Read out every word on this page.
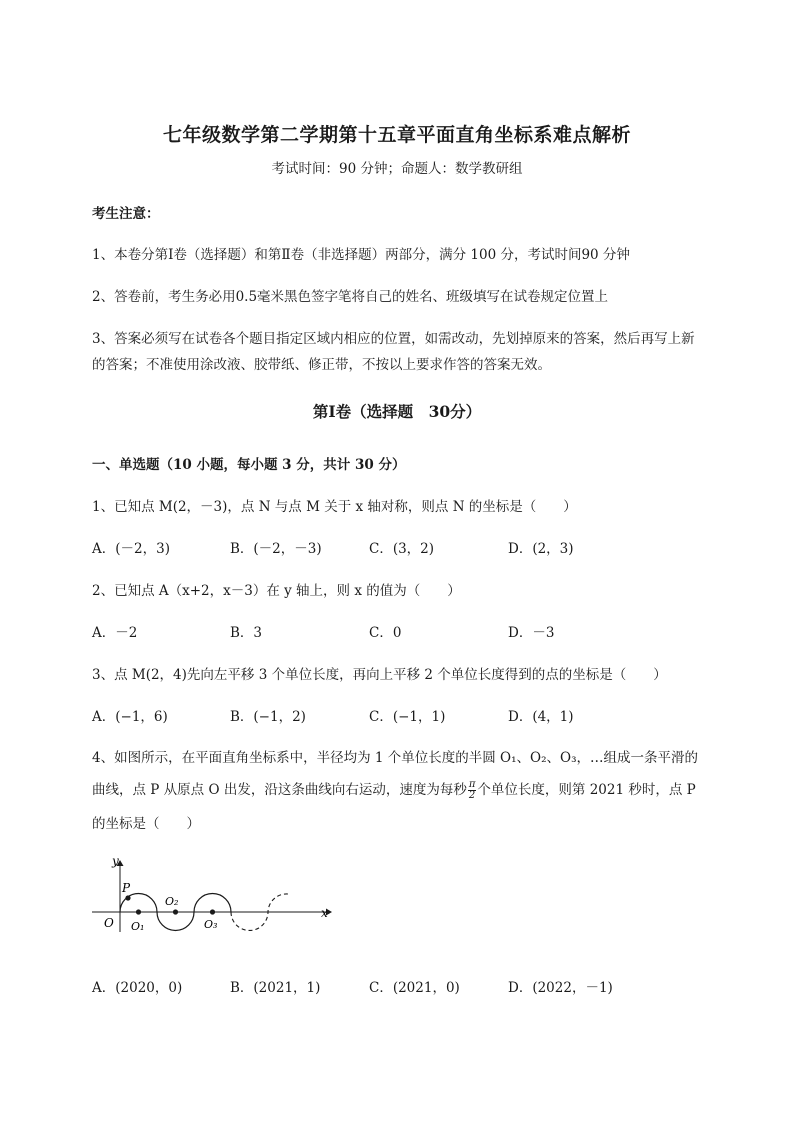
七年级数学第二学期第十五章平面直角坐标系难点解析
考试时间：90 分钟；命题人：数学教研组
考生注意：
1、本卷分第Ⅰ卷（选择题）和第Ⅱ卷（非选择题）两部分，满分 100 分，考试时间90 分钟
2、答卷前，考生务必用0.5毫米黑色签字笔将自己的姓名、班级填写在试卷规定位置上
3、答案必须写在试卷各个题目指定区域内相应的位置，如需改动，先划掉原来的答案，然后再写上新
的答案；不准使用涂改液、胶带纸、修正带，不按以上要求作答的答案无效。
第Ⅰ卷（选择题　30分）
一、单选题（10 小题，每小题 3 分，共计 30 分）
1、已知点 M(2，－3)，点 N 与点 M 关于 x 轴对称，则点 N 的坐标是（　　）
A．(－2，3)	B．(－2，－3)	C．(3，2)	D．(2，3)
2、已知点 A（x+2，x－3）在 y 轴上，则 x 的值为（　　）
A．－2	B．3	C．0	D．－3
3、点 M(2，4)先向左平移 3 个单位长度，再向上平移 2 个单位长度得到的点的坐标是（　　）
A．(−1，6)	B．(−1，2)	C．(−1，1)	D．(4，1)
4、如图所示，在平面直角坐标系中，半径均为 1 个单位长度的半圆 O₁、O₂、O₃，…组成一条平滑的
曲线，点 P 从原点 O 出发，沿这条曲线向右运动，速度为每秒 $\frac{\pi}{2}$ 个单位长度，则第 2021 秒时，点 P
的坐标是（　　）
y
x
O
P
O₁
O₂
O₃
A．(2020，0)	B．(2021，1)	C．(2021，0)	D．(2022，－1)
